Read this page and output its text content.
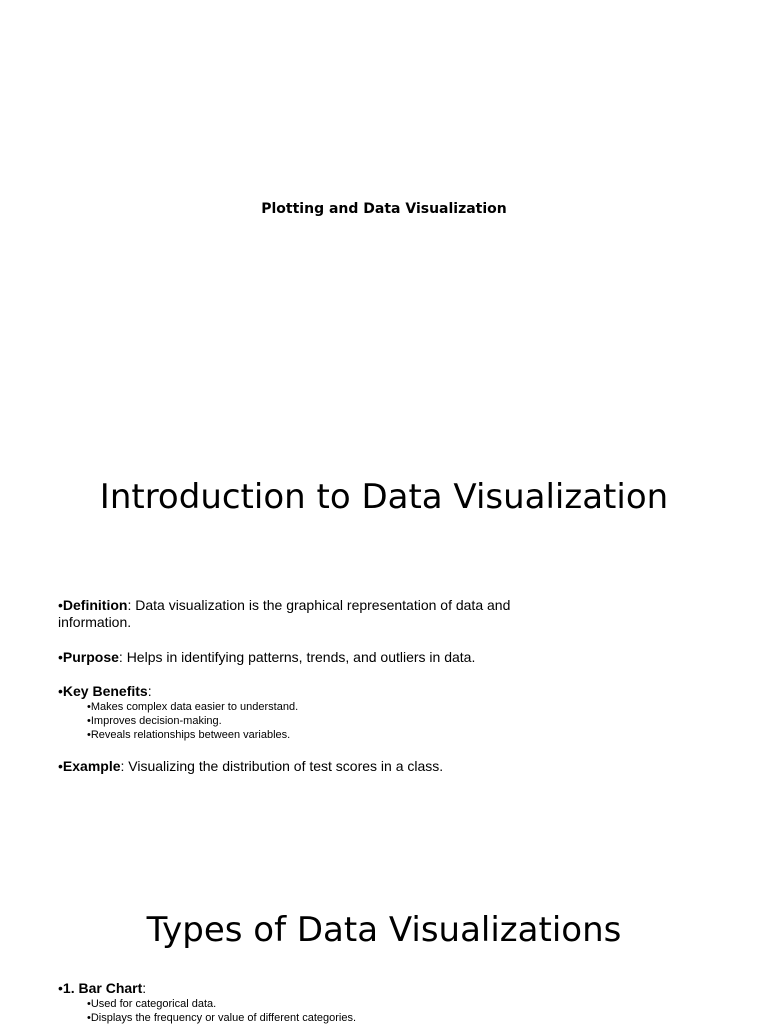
Plotting and Data Visualization
Introduction to Data Visualization
•Definition: Data visualization is the graphical representation of data and information.
•Purpose: Helps in identifying patterns, trends, and outliers in data.
•Key Benefits:
•Makes complex data easier to understand.
•Improves decision-making.
•Reveals relationships between variables.
•Example: Visualizing the distribution of test scores in a class.
Types of Data Visualizations
•1. Bar Chart:
•Used for categorical data.
•Displays the frequency or value of different categories.
